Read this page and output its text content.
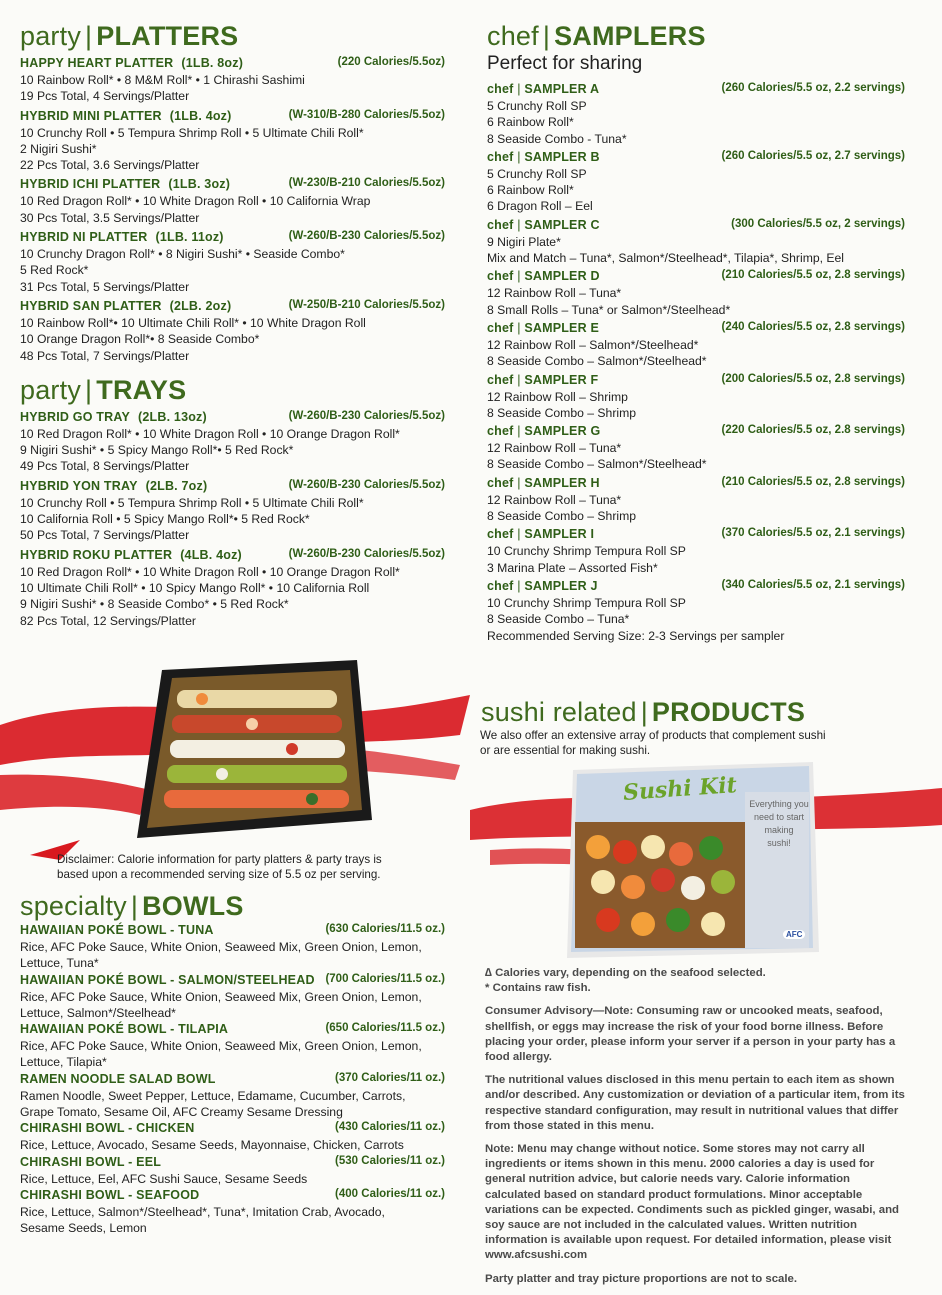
party | PLATTERS
HAPPY HEART PLATTER (1LB. 8oz)	(220 Calories/5.5oz)
10 Rainbow Roll* • 8 M&M Roll* • 1 Chirashi Sashimi
19 Pcs Total, 4 Servings/Platter
HYBRID MINI PLATTER (1LB. 4oz)	(W-310/B-280 Calories/5.5oz)
10 Crunchy Roll • 5 Tempura Shrimp Roll • 5 Ultimate Chili Roll*
2 Nigiri Sushi*
22 Pcs Total, 3.6 Servings/Platter
HYBRID ICHI PLATTER (1LB. 3oz)	(W-230/B-210 Calories/5.5oz)
10 Red Dragon Roll* • 10 White Dragon Roll • 10 California Wrap
30 Pcs Total, 3.5 Servings/Platter
HYBRID NI PLATTER (1LB. 11oz)	(W-260/B-230 Calories/5.5oz)
10 Crunchy Dragon Roll* • 8 Nigiri Sushi* • Seaside Combo*
5 Red Rock*
31 Pcs Total, 5 Servings/Platter
HYBRID SAN PLATTER (2LB. 2oz)	(W-250/B-210 Calories/5.5oz)
10 Rainbow Roll*• 10 Ultimate Chili Roll* • 10 White Dragon Roll
10 Orange Dragon Roll*• 8 Seaside Combo*
48 Pcs Total, 7 Servings/Platter
party | TRAYS
HYBRID GO TRAY (2LB. 13oz)	(W-260/B-230 Calories/5.5oz)
10 Red Dragon Roll* • 10 White Dragon Roll • 10 Orange Dragon Roll*
9 Nigiri Sushi* • 5 Spicy Mango Roll*• 5 Red Rock*
49 Pcs Total, 8 Servings/Platter
HYBRID YON TRAY (2LB. 7oz)	(W-260/B-230 Calories/5.5oz)
10 Crunchy Roll • 5 Tempura Shrimp Roll • 5 Ultimate Chili Roll*
10 California Roll • 5 Spicy Mango Roll*• 5 Red Rock*
50 Pcs Total, 7 Servings/Platter
HYBRID ROKU PLATTER (4LB. 4oz)	(W-260/B-230 Calories/5.5oz)
10 Red Dragon Roll* • 10 White Dragon Roll • 10 Orange Dragon Roll*
10 Ultimate Chili Roll* • 10 Spicy Mango Roll* • 10 California Roll
9 Nigiri Sushi* • 8 Seaside Combo* • 5 Red Rock*
82 Pcs Total, 12 Servings/Platter
Disclaimer: Calorie information for party platters & party trays is
based upon a recommended serving size of 5.5 oz per serving.
specialty | BOWLS
HAWAIIAN POKÉ BOWL - TUNA	(630 Calories/11.5 oz.)
Rice, AFC Poke Sauce, White Onion, Seaweed Mix, Green Onion, Lemon,
Lettuce, Tuna*
HAWAIIAN POKÉ BOWL - SALMON/STEELHEAD (700 Calories/11.5 oz.)
Rice, AFC Poke Sauce, White Onion, Seaweed Mix, Green Onion, Lemon,
Lettuce, Salmon*/Steelhead*
HAWAIIAN POKÉ BOWL - TILAPIA	(650 Calories/11.5 oz.)
Rice, AFC Poke Sauce, White Onion, Seaweed Mix, Green Onion, Lemon,
Lettuce, Tilapia*
RAMEN NOODLE SALAD BOWL	(370 Calories/11 oz.)
Ramen Noodle, Sweet Pepper, Lettuce, Edamame, Cucumber, Carrots,
Grape Tomato, Sesame Oil, AFC Creamy Sesame Dressing
CHIRASHI BOWL - CHICKEN	(430 Calories/11 oz.)
Rice, Lettuce, Avocado, Sesame Seeds, Mayonnaise, Chicken, Carrots
CHIRASHI BOWL - EEL	(530 Calories/11 oz.)
Rice, Lettuce, Eel, AFC Sushi Sauce, Sesame Seeds
CHIRASHI BOWL - SEAFOOD	(400 Calories/11 oz.)
Rice, Lettuce, Salmon*/Steelhead*, Tuna*, Imitation Crab, Avocado,
Sesame Seeds, Lemon
chef | SAMPLERS
Perfect for sharing
chef | SAMPLER A	(260 Calories/5.5 oz, 2.2 servings)
5 Crunchy Roll SP
6 Rainbow Roll*
8 Seaside Combo - Tuna*
chef | SAMPLER B	(260 Calories/5.5 oz, 2.7 servings)
5 Crunchy Roll SP
6 Rainbow Roll*
6 Dragon Roll – Eel
chef | SAMPLER C	(300 Calories/5.5 oz, 2 servings)
9 Nigiri Plate*
Mix and Match – Tuna*, Salmon*/Steelhead*, Tilapia*, Shrimp, Eel
chef | SAMPLER D	(210 Calories/5.5 oz, 2.8 servings)
12 Rainbow Roll – Tuna*
8 Small Rolls – Tuna* or Salmon*/Steelhead*
chef | SAMPLER E	(240 Calories/5.5 oz, 2.8 servings)
12 Rainbow Roll – Salmon*/Steelhead*
8 Seaside Combo – Salmon*/Steelhead*
chef | SAMPLER F	(200 Calories/5.5 oz, 2.8 servings)
12 Rainbow Roll – Shrimp
8 Seaside Combo – Shrimp
chef | SAMPLER G	(220 Calories/5.5 oz, 2.8 servings)
12 Rainbow Roll – Tuna*
8 Seaside Combo – Salmon*/Steelhead*
chef | SAMPLER H	(210 Calories/5.5 oz, 2.8 servings)
12 Rainbow Roll – Tuna*
8 Seaside Combo – Shrimp
chef | SAMPLER I	(370 Calories/5.5 oz, 2.1 servings)
10 Crunchy Shrimp Tempura Roll SP
3 Marina Plate – Assorted Fish*
chef | SAMPLER J	(340 Calories/5.5 oz, 2.1 servings)
10 Crunchy Shrimp Tempura Roll SP
8 Seaside Combo – Tuna*
Recommended Serving Size: 2-3 Servings per sampler
sushi related | PRODUCTS
We also offer an extensive array of products that complement sushi
or are essential for making sushi.
Sushi Kit Everything you
need to start
making
sushi!
AFC
∆ Calories vary, depending on the seafood selected.
* Contains raw fish.

Consumer Advisory—Note: Consuming raw or uncooked meats, seafood, shellfish, or eggs may increase the risk of your food borne illness. Before placing your order, please inform your server if a person in your party has a food allergy.

The nutritional values disclosed in this menu pertain to each item as shown and/or described. Any customization or deviation of a particular item, from its respective standard configuration, may result in nutritional values that differ from those stated in this menu.

Note: Menu may change without notice. Some stores may not carry all ingredients or items shown in this menu. 2000 calories a day is used for general nutrition advice, but calorie needs vary. Calorie information calculated based on standard product formulations. Minor acceptable variations can be expected. Condiments such as pickled ginger, wasabi, and soy sauce are not included in the calculated values. Written nutrition information is available upon request. For detailed information, please visit www.afcsushi.com

Party platter and tray picture proportions are not to scale.
